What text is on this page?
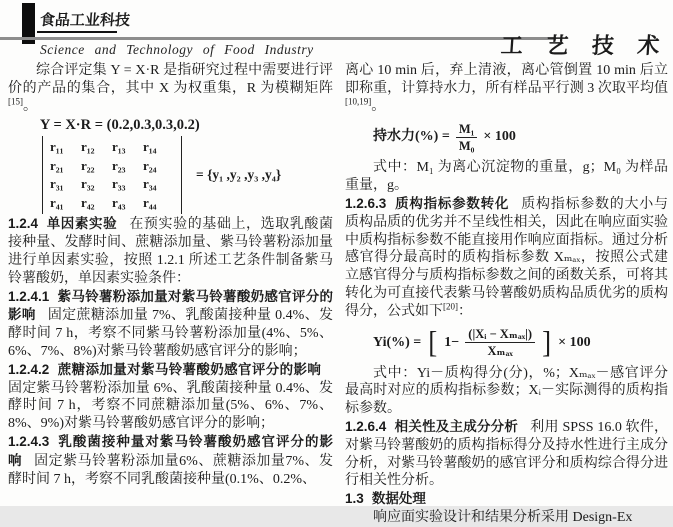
食品工业科技
Science and Technology of Food Industry	工 艺 技 术

综合评定集 Y = X·R 是指研究过程中需要进行评价的产品的集合，其中 X 为权重集，R 为模糊矩阵[15]。

Y = X·R = (0.2,0.3,0.3,0.2)

r₁₁	r₁₂	r₁₃	r₁₄
r₂₁	r₂₂	r₂₃	r₂₄
r₃₁	r₃₂	r₃₃	r₃₄
r₄₁	r₄₂	r₄₃	r₄₄
= {y₁ ,y₂ ,y₃ ,y₄}

1.2.4 单因素实验 在预实验的基础上，选取乳酸菌接种量、发酵时间、蔗糖添加量、紫马铃薯粉添加量进行单因素实验，按照 1.2.1 所述工艺条件制备紫马铃薯酸奶，单因素实验条件：

1.2.4.1 紫马铃薯粉添加量对紫马铃薯酸奶感官评分的影响 固定蔗糖添加量 7%、乳酸菌接种量 0.4%、发酵时间 7 h，考察不同紫马铃薯粉添加量(4%、5%、6%、7%、8%)对紫马铃薯酸奶感官评分的影响；

1.2.4.2 蔗糖添加量对紫马铃薯酸奶感官评分的影响固定紫马铃薯粉添加量 6%、乳酸菌接种量 0.4%、发酵时间 7 h，考察不同蔗糖添加量(5%、6%、7%、8%、9%)对紫马铃薯酸奶感官评分的影响；

1.2.4.3 乳酸菌接种量对紫马铃薯酸奶感官评分的影响 固定紫马铃薯粉添加量6%、蔗糖添加量7%、发酵时间 7 h，考察不同乳酸菌接种量(0.1%、0.2%、

离心 10 min 后，弃上清液，离心管倒置 10 min 后立即称重，计算持水力，所有样品平行测 3 次取平均值[10,19]。

持水力(%) = $\frac{\text{M₁}}{\text{M₀}} \times 100$

式中：M₁ 为离心沉淀物的重量，g；M₀ 为样品重量，g。

1.2.6.3 质构指标参数转化 质构指标参数的大小与质构品质的优劣并不呈线性相关，因此在响应面实验中质构指标参数不能直接用作响应面指标。通过分析感官得分最高时的质构指标参数 Xₘₐₓ，按照公式建立感官得分与质构指标参数之间的函数关系，可将其转化为可直接代表紫马铃薯酸奶质构品质优劣的质构得分，公式如下[20]：

Yi(%) = [ $1- \frac{\text{(|Xᵢ − Xₘₐₓ|)}}{\text{Xₘₐₓ}}$ ] × 100

式中：Yi－质构得分(分)，%；Xₘₐₓ－感官评分最高时对应的质构指标参数；Xᵢ－实际测得的质构指标参数。

1.2.6.4 相关性及主成分分析 利用 SPSS 16.0 软件，对紫马铃薯酸奶的质构指标得分及持水性进行主成分分析，对紫马铃薯酸奶的感官评分和质构综合得分进行相关性分析。

1.3 数据处理

响应面实验设计和结果分析采用 Design-Ex
